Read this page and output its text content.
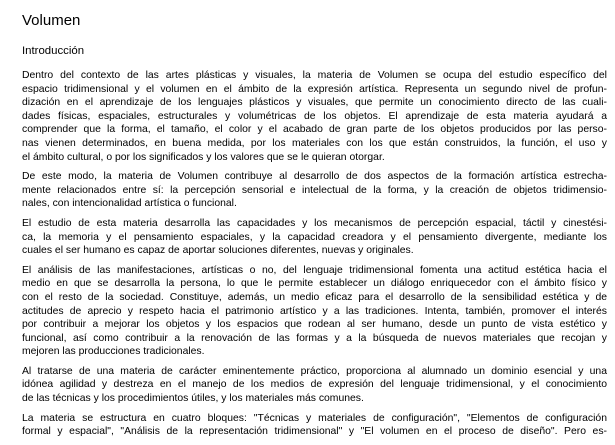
Volumen
Introducción

Dentro del contexto de las artes plásticas y visuales, la materia de Volumen se ocupa del estudio específico del
espacio tridimensional y el volumen en el ámbito de la expresión artística. Representa un segundo nivel de profun-
dización en el aprendizaje de los lenguajes plásticos y visuales, que permite un conocimiento directo de las cuali-
dades físicas, espaciales, estructurales y volumétricas de los objetos. El aprendizaje de esta materia ayudará a
comprender que la forma, el tamaño, el color y el acabado de gran parte de los objetos producidos por las perso-
nas vienen determinados, en buena medida, por los materiales con los que están construidos, la función, el uso y
el ámbito cultural, o por los significados y los valores que se le quieran otorgar.

De este modo, la materia de Volumen contribuye al desarrollo de dos aspectos de la formación artística estrecha-
mente relacionados entre sí: la percepción sensorial e intelectual de la forma, y la creación de objetos tridimensio-
nales, con intencionalidad artística o funcional.

El estudio de esta materia desarrolla las capacidades y los mecanismos de percepción espacial, táctil y cinestési-
ca, la memoria y el pensamiento espaciales, y la capacidad creadora y el pensamiento divergente, mediante los
cuales el ser humano es capaz de aportar soluciones diferentes, nuevas y originales.

El análisis de las manifestaciones, artísticas o no, del lenguaje tridimensional fomenta una actitud estética hacia el
medio en que se desarrolla la persona, lo que le permite establecer un diálogo enriquecedor con el ámbito físico y
con el resto de la sociedad. Constituye, además, un medio eficaz para el desarrollo de la sensibilidad estética y de
actitudes de aprecio y respeto hacia el patrimonio artístico y a las tradiciones. Intenta, también, promover el interés
por contribuir a mejorar los objetos y los espacios que rodean al ser humano, desde un punto de vista estético y
funcional, así como contribuir a la renovación de las formas y a la búsqueda de nuevos materiales que recojan y
mejoren las producciones tradicionales.

Al tratarse de una materia de carácter eminentemente práctico, proporciona al alumnado un dominio esencial y una
idónea agilidad y destreza en el manejo de los medios de expresión del lenguaje tridimensional, y el conocimiento
de las técnicas y los procedimientos útiles, y los materiales más comunes.

La materia se estructura en cuatro bloques: "Técnicas y materiales de configuración", "Elementos de configuración
formal y espacial", "Análisis de la representación tridimensional" y "El volumen en el proceso de diseño". Pero es-
